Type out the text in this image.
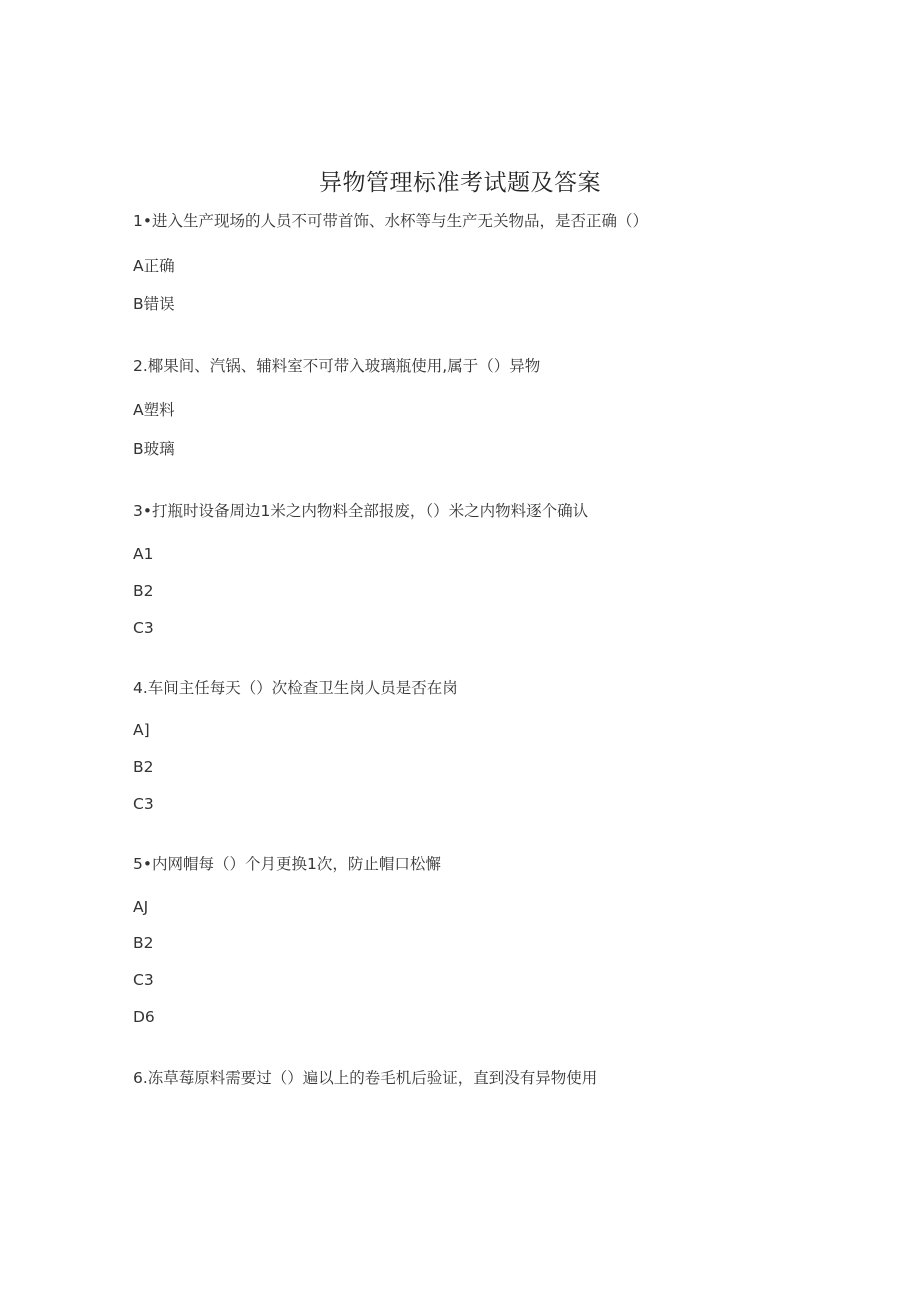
异物管理标准考试题及答案
1•进入生产现场的人员不可带首饰、水杯等与生产无关物品，是否正确（）
A正确
B错误
2.椰果间、汽锅、辅料室不可带入玻璃瓶使用,属于（）异物
A塑料
B玻璃
3•打瓶时设备周边1米之内物料全部报废，（）米之内物料逐个确认
A1
B2
C3
4.车间主任每天（）次检查卫生岗人员是否在岗
A]
B2
C3
5•内网帽每（）个月更换1次，防止帽口松懈
AJ
B2
C3
D6
6.冻草莓原料需要过（）遍以上的卷毛机后验证，直到没有异物使用
